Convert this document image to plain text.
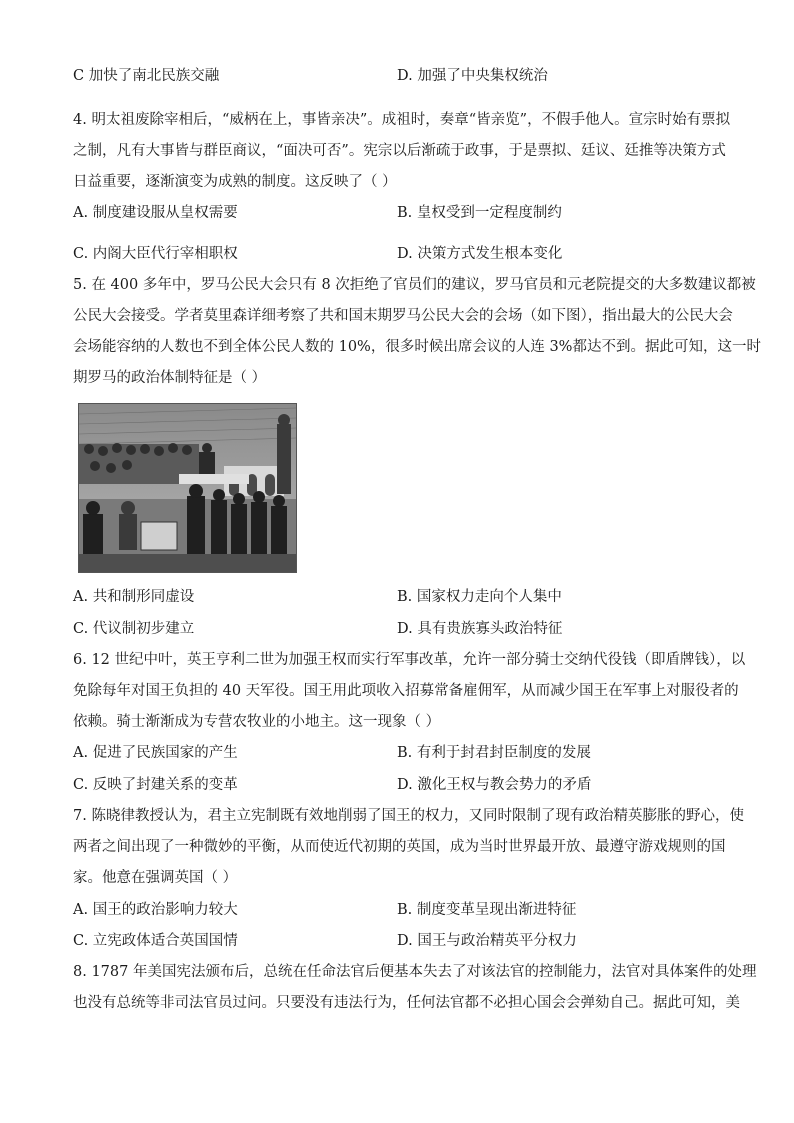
C 加快了南北民族交融	D. 加强了中央集权统治
4. 明太祖废除宰相后，“威柄在上，事皆亲决”。成祖时，奏章“皆亲览”，不假手他人。宣宗时始有票拟
之制，凡有大事皆与群臣商议，“面决可否”。宪宗以后渐疏于政事，于是票拟、廷议、廷推等决策方式
日益重要，逐渐演变为成熟的制度。这反映了（ ）
A. 制度建设服从皇权需要	B. 皇权受到一定程度制约
C. 内阁大臣代行宰相职权	D. 决策方式发生根本变化
5. 在 400 多年中，罗马公民大会只有 8 次拒绝了官员们的建议，罗马官员和元老院提交的大多数建议都被
公民大会接受。学者莫里森详细考察了共和国末期罗马公民大会的会场（如下图），指出最大的公民大会
会场能容纳的人数也不到全体公民人数的 10%，很多时候出席会议的人连 3%都达不到。据此可知，这一时
期罗马的政治体制特征是（ ）
A. 共和制形同虚设	B. 国家权力走向个人集中
C. 代议制初步建立	D. 具有贵族寡头政治特征
6. 12 世纪中叶，英王亨利二世为加强王权而实行军事改革，允许一部分骑士交纳代役钱（即盾牌钱），以
免除每年对国王负担的 40 天军役。国王用此项收入招募常备雇佣军，从而减少国王在军事上对服役者的
依赖。骑士渐渐成为专营农牧业的小地主。这一现象（ ）
A. 促进了民族国家的产生	B. 有利于封君封臣制度的发展
C. 反映了封建关系的变革	D. 激化王权与教会势力的矛盾
7. 陈晓律教授认为，君主立宪制既有效地削弱了国王的权力，又同时限制了现有政治精英膨胀的野心，使
两者之间出现了一种微妙的平衡，从而使近代初期的英国，成为当时世界最开放、最遵守游戏规则的国
家。他意在强调英国（ ）
A. 国王的政治影响力较大	B. 制度变革呈现出渐进特征
C. 立宪政体适合英国国情	D. 国王与政治精英平分权力
8. 1787 年美国宪法颁布后，总统在任命法官后便基本失去了对该法官的控制能力，法官对具体案件的处理
也没有总统等非司法官员过问。只要没有违法行为，任何法官都不必担心国会会弹劾自己。据此可知，美
